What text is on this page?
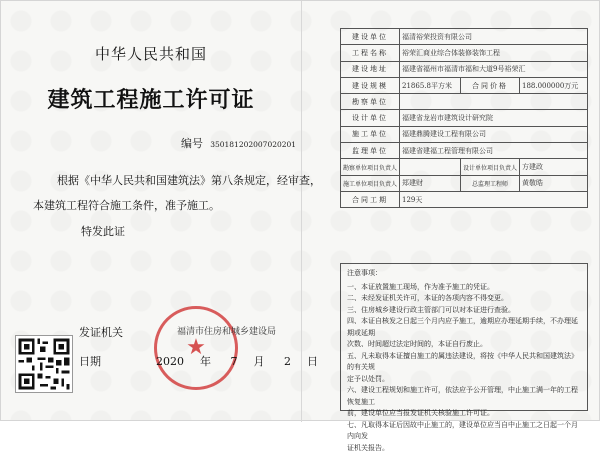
中华人民共和国
建筑工程施工许可证
编号 350181202007020201
根据《中华人民共和国建筑法》第八条规定，经审查，
本建筑工程符合施工条件，准予施工。
特发此证
发证机关
日期
★
福清市住房和城乡建设局
2020 年 7 月 2 日
建设单位	福清裕荣投资有限公司		
工程名称	裕荣汇商业综合体装修装饰工程		
建设地址	福建省福州市福清市福和大道9号裕荣汇		
建设规模	21865.8平方米	合同价格	188.000000万元
勘察单位			
设计单位	福建省龙岩市建筑设计研究院		
施工单位	福建鼎腾建设工程有限公司		
监理单位	福建省建福工程管理有限公司		
勘察单位项目负责人		设计单位项目负责人	方建政
施工单位项目负责人	郑建财	总监理工程师	黄敬晧
合同工期	129天		
注意事项：
一、本证放置施工现场，作为准予施工的凭证。
二、未经发证机关许可，本证的各项内容不得变更。
三、住房城乡建设行政主管部门可以对本证进行查验。
四、本证自核发之日起三个月内应予施工，逾期应办理延期手续，不办理延期或延期
次数、时间超过法定时间的，本证自行废止。
五、凡未取得本证擅自施工的属违法建设，将按《中华人民共和国建筑法》的有关规
定予以处罚。
六、建设工程规划和施工许可，依法应予公开管理，中止施工满一年的工程恢复施工
前，建设单位应当报发证机关核验施工许可证。
七、凡取得本证后因故中止施工的，建设单位应当自中止施工之日起一个月内向发
证机关报告。
